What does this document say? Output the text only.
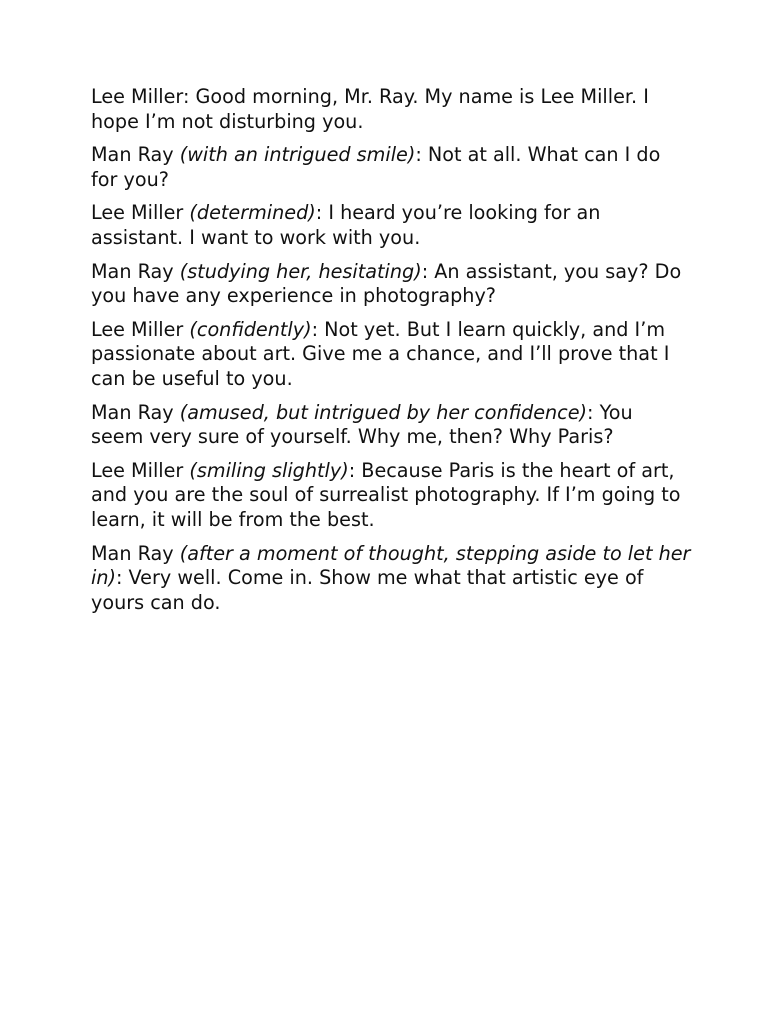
Lee Miller: Good morning, Mr. Ray. My name is Lee Miller. I hope I’m not disturbing you.

Man Ray (with an intrigued smile): Not at all. What can I do for you?

Lee Miller (determined): I heard you’re looking for an assistant. I want to work with you.

Man Ray (studying her, hesitating): An assistant, you say? Do you have any experience in photography?

Lee Miller (confidently): Not yet. But I learn quickly, and I’m passionate about art. Give me a chance, and I’ll prove that I can be useful to you.

Man Ray (amused, but intrigued by her confidence): You seem very sure of yourself. Why me, then? Why Paris?

Lee Miller (smiling slightly): Because Paris is the heart of art, and you are the soul of surrealist photography. If I’m going to learn, it will be from the best.

Man Ray (after a moment of thought, stepping aside to let her in): Very well. Come in. Show me what that artistic eye of yours can do.
